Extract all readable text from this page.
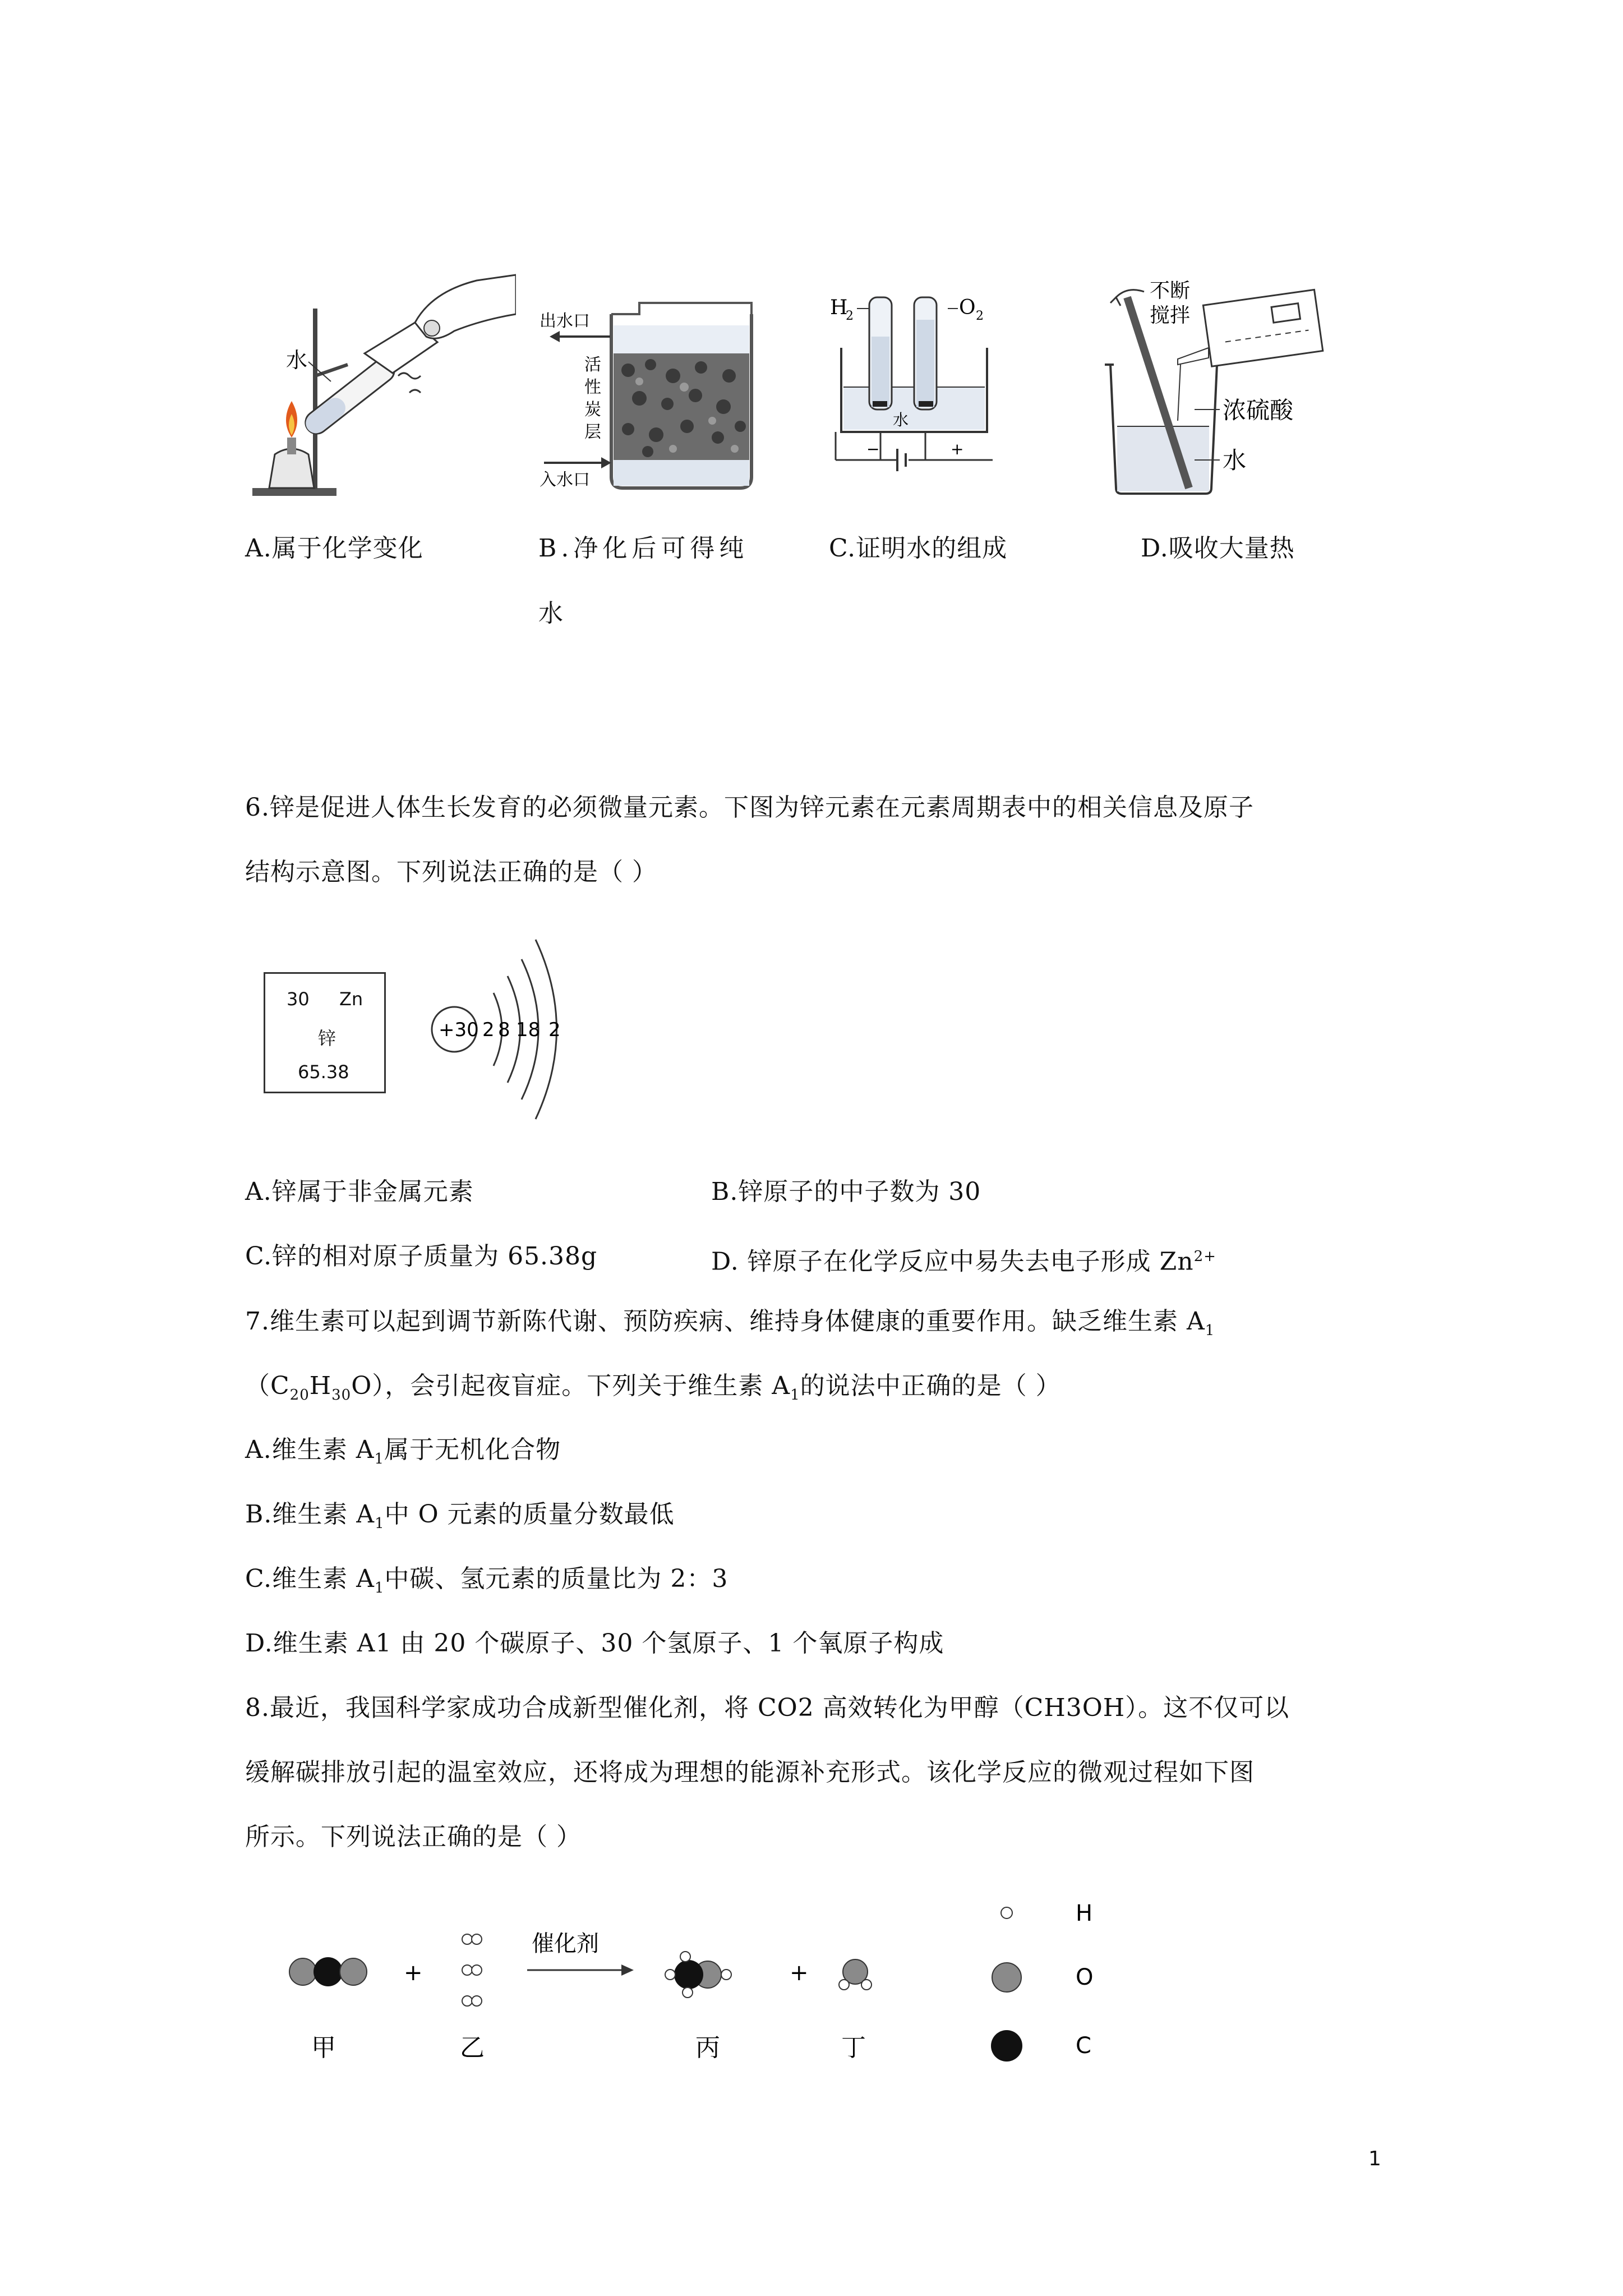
水
出水口
入水口
活
性
炭
层
H
2	O 2
水
−	+
不断
搅拌
浓硫酸
水
A.属于化学变化	B.净化后可得纯
水
C.证明水的组成	D.吸收大量热
6.锌是促进人体生长发育的必须微量元素。下图为锌元素在元素周期表中的相关信息及原子
结构示意图。下列说法正确的是（ ）
30 Zn
锌
65.38
+30 2 8 18 2
A.锌属于非金属元素	B.锌原子的中子数为 30
C.锌的相对原子质量为 65.38g	D. 锌原子在化学反应中易失去电子形成 $Zn^{2+}$
7.维生素可以起到调节新陈代谢、预防疾病、维持身体健康的重要作用。缺乏维生素 $A_1$
$(C_{20}H_{30}O)$，会引起夜盲症。下列关于维生素 $A_1$的说法中正确的是（ ）
A.维生素 $A_1$属于无机化合物
B.维生素 $A_1$中 O 元素的质量分数最低
C.维生素 $A_1$中碳、氢元素的质量比为 2：3
D.维生素 A1 由 20 个碳原子、30 个氢原子、1 个氧原子构成
8.最近，我国科学家成功合成新型催化剂，将 CO2 高效转化为甲醇（CH3OH）。这不仅可以
缓解碳排放引起的温室效应，还将成为理想的能源补充形式。该化学反应的微观过程如下图
所示。下列说法正确的是（ ）
+
催化剂
+
甲	乙	丙	丁
H
O
C
1
